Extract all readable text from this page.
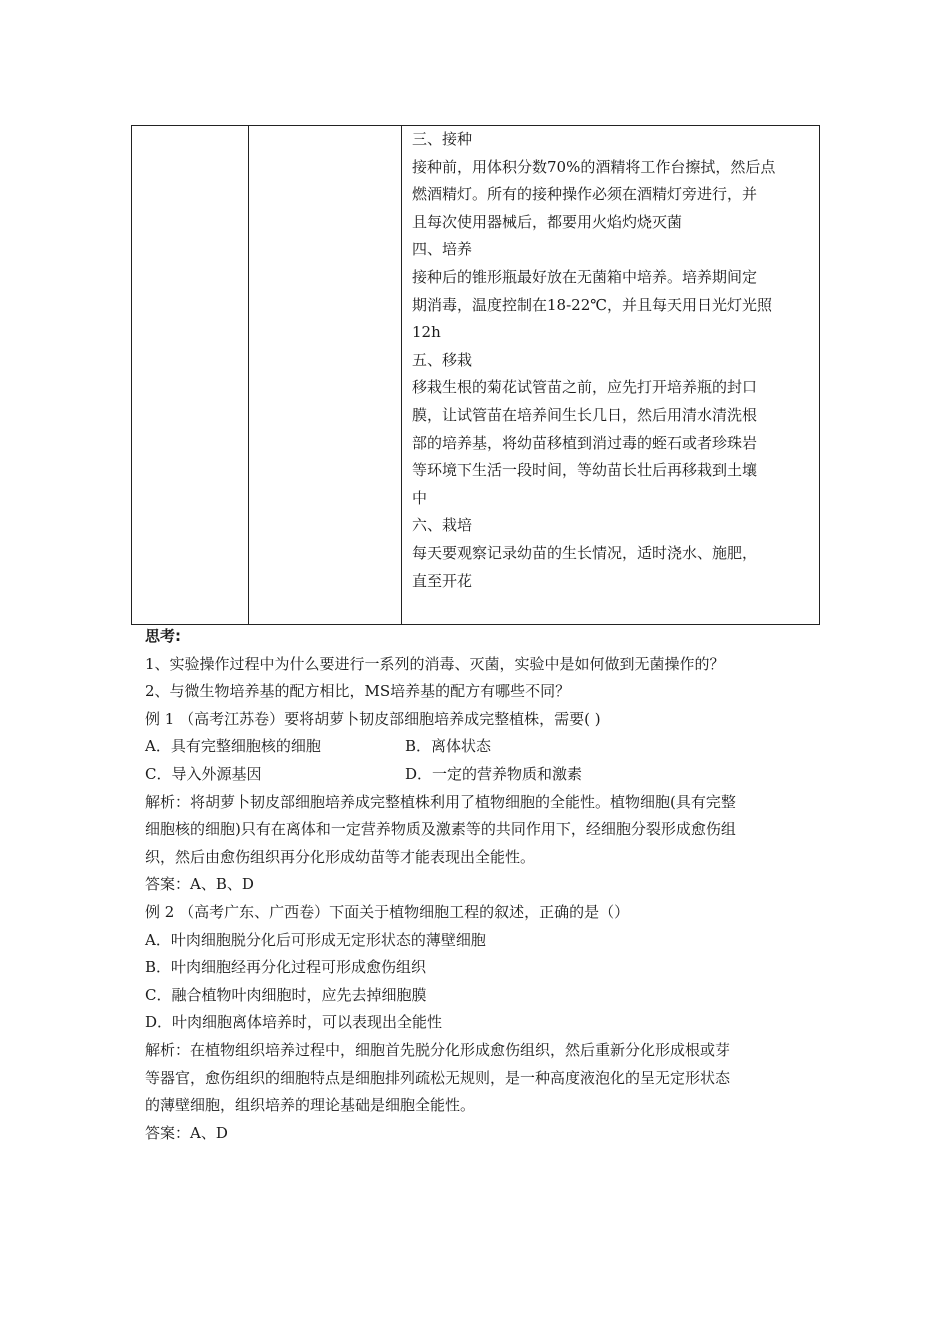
三、接种

接种前，用体积分数70%的酒精将工作台擦拭，然后点

燃酒精灯。所有的接种操作必须在酒精灯旁进行，并

且每次使用器械后，都要用火焰灼烧灭菌

四、培养

接种后的锥形瓶最好放在无菌箱中培养。培养期间定

期消毒，温度控制在18-22℃，并且每天用日光灯光照

12h

五、移栽

移栽生根的菊花试管苗之前，应先打开培养瓶的封口

膜，让试管苗在培养间生长几日，然后用清水清洗根

部的培养基，将幼苗移植到消过毒的蛭石或者珍珠岩

等环境下生活一段时间，等幼苗长壮后再移栽到土壤

中

六、栽培

每天要观察记录幼苗的生长情况，适时浇水、施肥，

直至开花

思考:

1、实验操作过程中为什么要进行一系列的消毒、灭菌，实验中是如何做到无菌操作的？

2、与微生物培养基的配方相比，MS培养基的配方有哪些不同？

例 1 （高考江苏卷）要将胡萝卜韧皮部细胞培养成完整植株，需要( )

A．具有完整细胞核的细胞	B．离体状态
C．导入外源基因	D．一定的营养物质和激素

解析：将胡萝卜韧皮部细胞培养成完整植株利用了植物细胞的全能性。植物细胞(具有完整

细胞核的细胞)只有在离体和一定营养物质及激素等的共同作用下，经细胞分裂形成愈伤组

织，然后由愈伤组织再分化形成幼苗等才能表现出全能性。

答案：A、B、D

例 2 （高考广东、广西卷）下面关于植物细胞工程的叙述，正确的是（）

A．叶肉细胞脱分化后可形成无定形状态的薄壁细胞

B．叶肉细胞经再分化过程可形成愈伤组织

C．融合植物叶肉细胞时，应先去掉细胞膜

D．叶肉细胞离体培养时，可以表现出全能性

解析：在植物组织培养过程中，细胞首先脱分化形成愈伤组织，然后重新分化形成根或芽

等器官，愈伤组织的细胞特点是细胞排列疏松无规则，是一种高度液泡化的呈无定形状态

的薄壁细胞，组织培养的理论基础是细胞全能性。

答案：A、D
